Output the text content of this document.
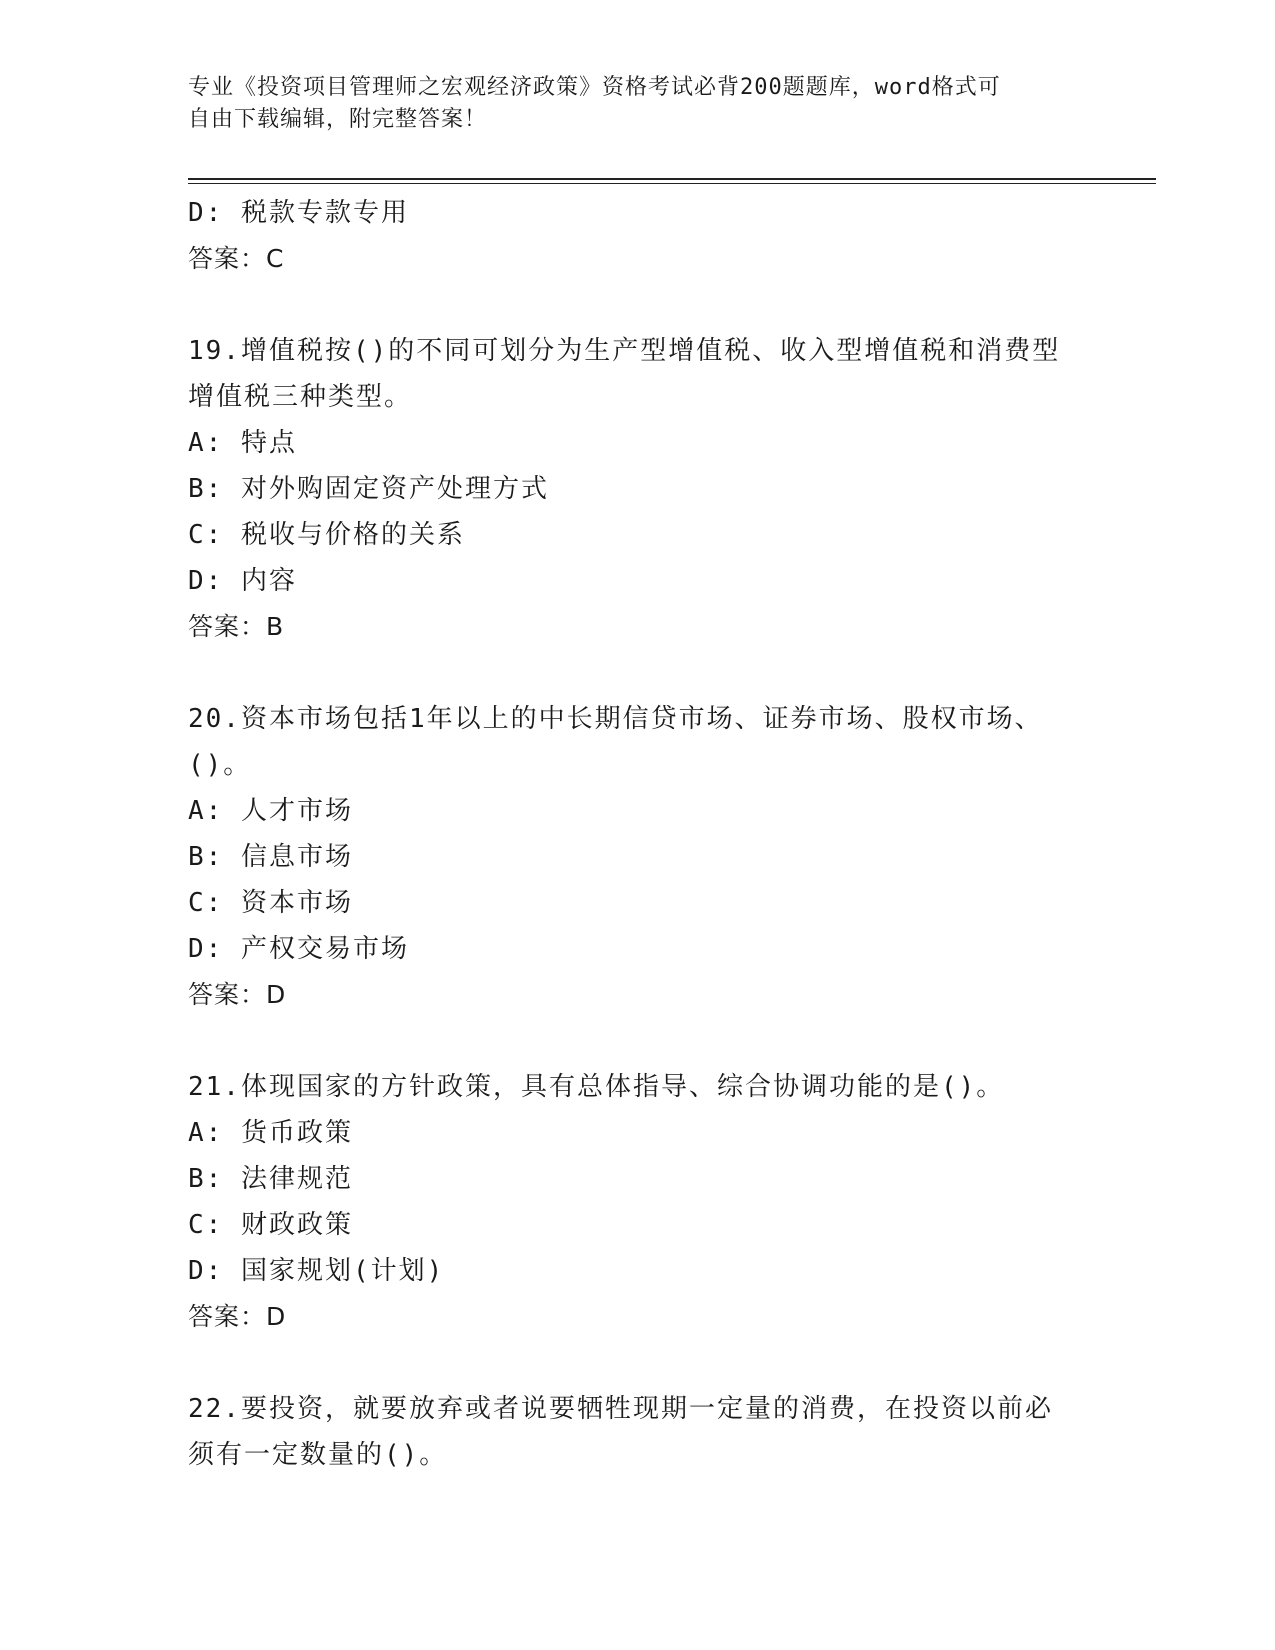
专业《投资项目管理师之宏观经济政策》资格考试必背200题题库，word格式可
自由下载编辑，附完整答案！
D: 税款专款专用
答案：C
19.增值税按()的不同可划分为生产型增值税、收入型增值税和消费型
增值税三种类型。
A: 特点
B: 对外购固定资产处理方式
C: 税收与价格的关系
D: 内容
答案：B
20.资本市场包括1年以上的中长期信贷市场、证券市场、股权市场、
()。
A: 人才市场
B: 信息市场
C: 资本市场
D: 产权交易市场
答案：D
21.体现国家的方针政策，具有总体指导、综合协调功能的是()。
A: 货币政策
B: 法律规范
C: 财政政策
D: 国家规划(计划)
答案：D
22.要投资，就要放弃或者说要牺牲现期一定量的消费，在投资以前必
须有一定数量的()。
